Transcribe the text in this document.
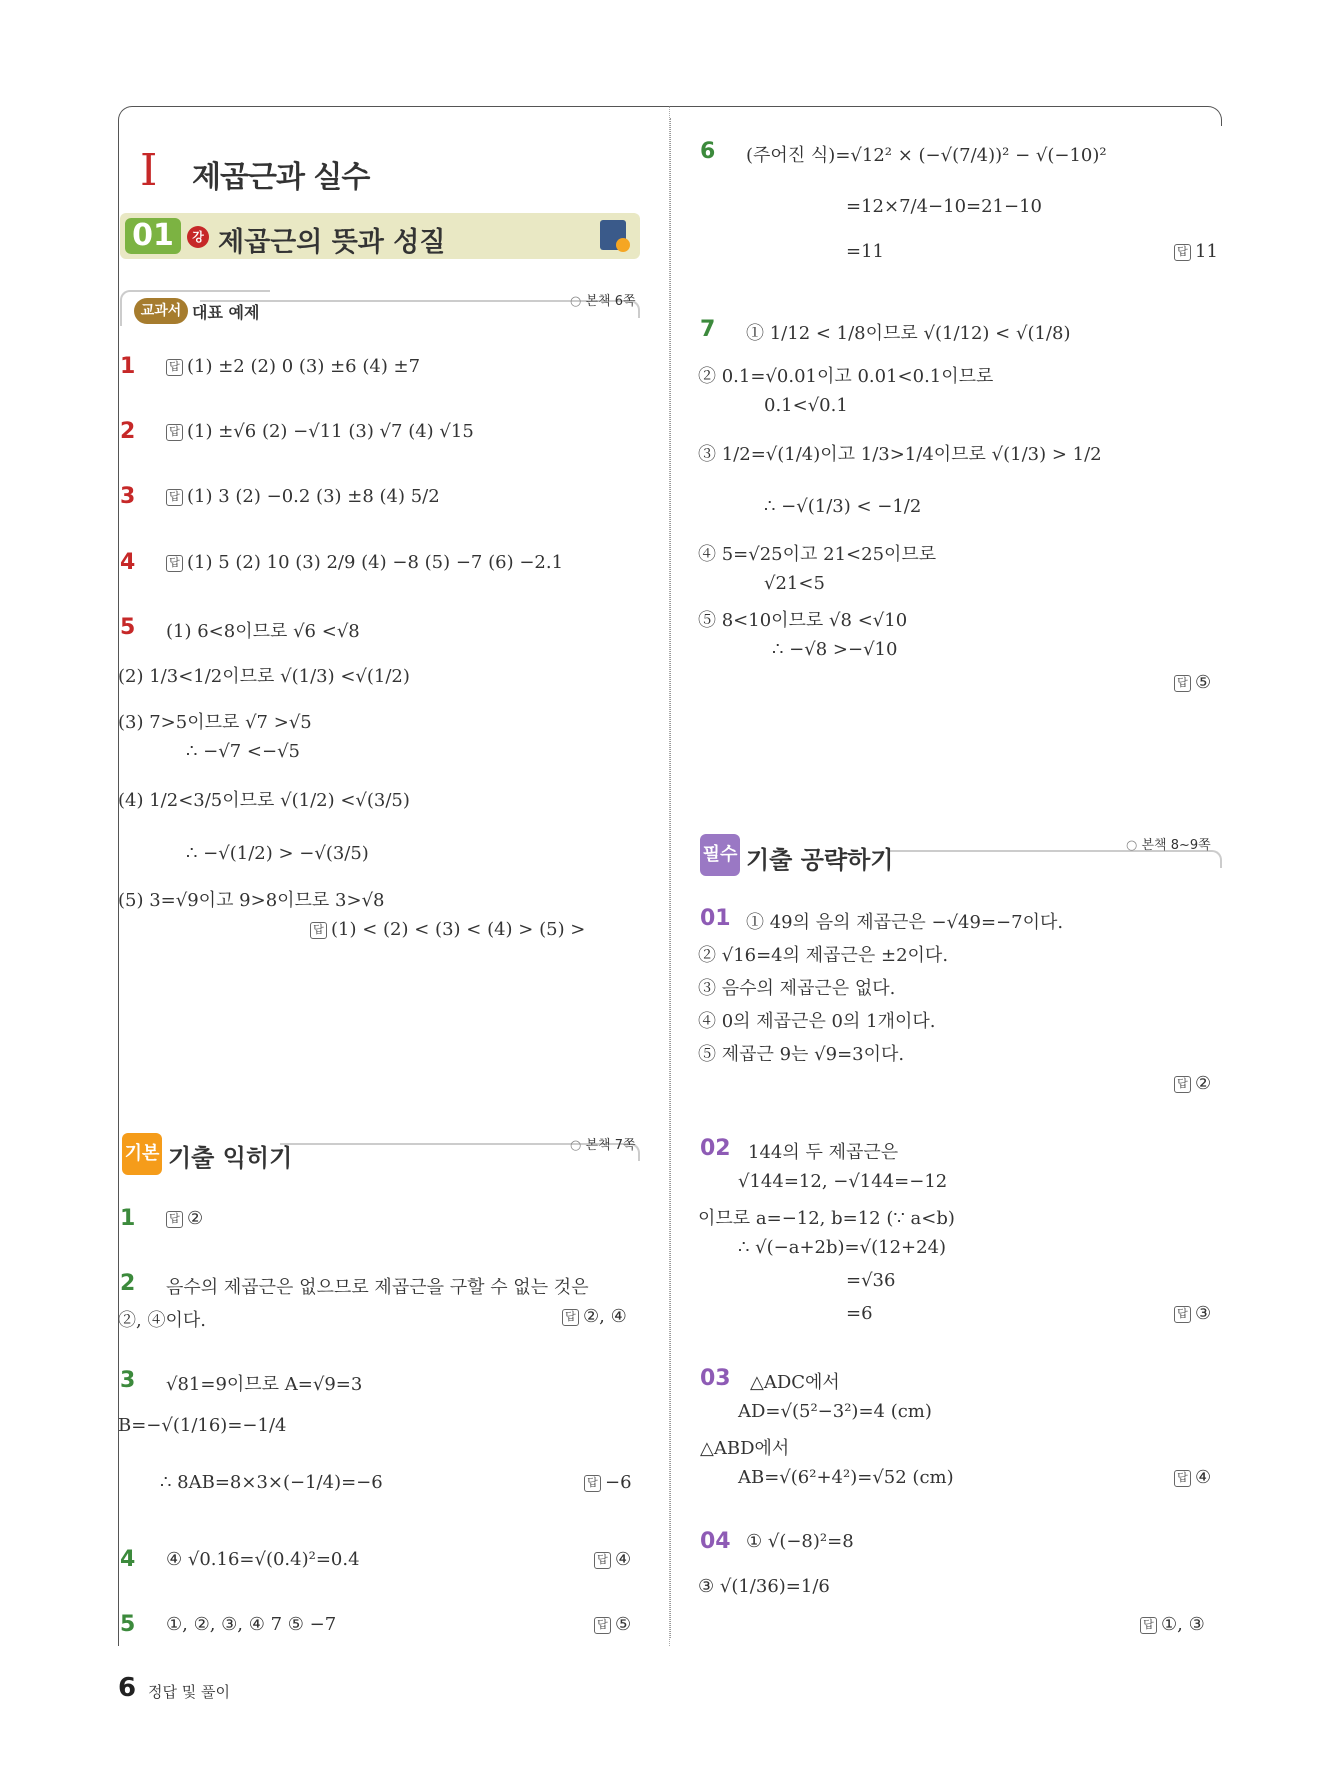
I 제곱근과 실수
01	강 제곱근의 뜻과 성질
교과서 대표 예제
○ 본책 6쪽
1	답 (1) ±2 (2) 0 (3) ±6 (4) ±7
2	답 (1) ±√6 (2) −√11 (3) √7 (4) √15
3	답 (1) 3 (2) −0.2 (3) ±8 (4) 5/2
4	답 (1) 5 (2) 10 (3) 2/9 (4) −8 (5) −7 (6) −2.1
5 (1) 6<8이므로 √6 <√8
(2) 1/3<1/2이므로 √(1/3) <√(1/2)
(3) 7>5이므로 √7 >√5
∴ −√7 <−√5
(4) 1/2<3/5이므로 √(1/2) <√(3/5)
∴ −√(1/2) > −√(3/5)
(5) 3=√9이고 9>8이므로 3>√8
답 (1) < (2) < (3) < (4) > (5) >
기본 기출 익히기
○	본책 7쪽
1	답 ②
2 음수의 제곱근은 없으므로 제곱근을 구할 수 없는 것은
②, ④이다.	답 ②, ④
3 √81=9이므로 A=√9=3
B=−√(1/16)=−1/4
∴ 8AB=8×3×(−1/4)=−6	답 −6
4 ④ √0.16=√(0.4)²=0.4	답 ④
5 ①, ②, ③, ④ 7 ⑤ −7	답 ⑤
6 (주어진 식)=√12² × (−√(7/4))² − √(−10)²
=12×7/4−10=21−10
=11	답 11
7 ① 1/12 < 1/8이므로 √(1/12) < √(1/8)
② 0.1=√0.01이고 0.01<0.1이므로
0.1<√0.1
③ 1/2=√(1/4)이고 1/3>1/4이므로 √(1/3) > 1/2
∴ −√(1/3) < −1/2
④ 5=√25이고 21<25이므로
√21<5
⑤ 8<10이므로 √8 <√10
∴ −√8 >−√10
답 ⑤
필수 기출 공략하기
○ 본책 8~9쪽
01 ① 49의 음의 제곱근은 −√49=−7이다.
② √16=4의 제곱근은 ±2이다.
③ 음수의 제곱근은 없다.
④ 0의 제곱근은 0의 1개이다.
⑤ 제곱근 9는 √9=3이다.
답 ②
02 144의 두 제곱근은
√144=12, −√144=−12
이므로 a=−12, b=12 (∵ a<b)
∴ √(−a+2b)=√(12+24)
=√36
=6	답 ③
03 △ADC에서
AD=√(5²−3²)=4 (cm)
△ABD에서
AB=√(6²+4²)=√52 (cm)	답 ④
04 ① √(−8)²=8
③ √(1/36)=1/6
답 ①, ③
6 정답 및 풀이
